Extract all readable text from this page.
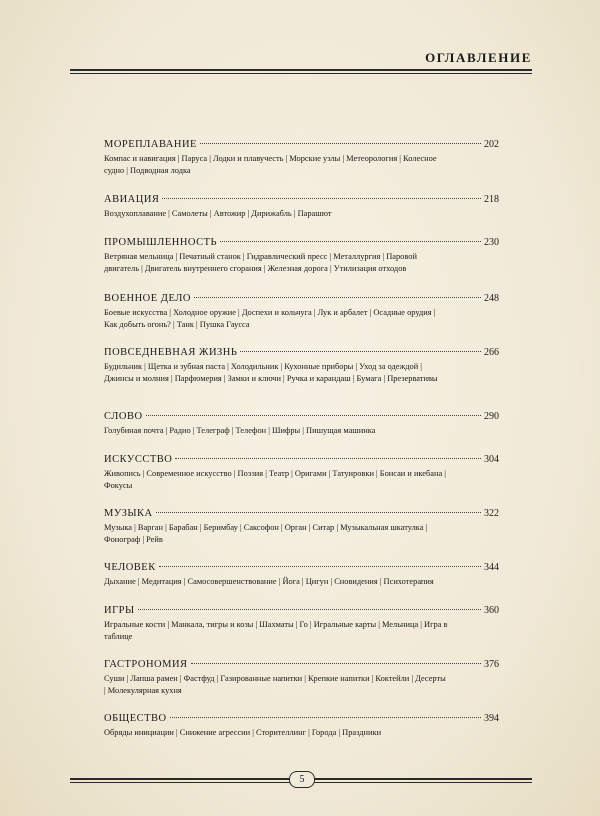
ОГЛАВЛЕНИЕ
МОРЕПЛАВАНИЕ	202
Компас и навигация | Паруса | Лодки и плавучесть | Морские узлы | Метеорология | Колесное судно | Подводная лодка
АВИАЦИЯ	218
Воздухоплавание | Самолеты | Автожир | Дирижабль | Парашют
ПРОМЫШЛЕННОСТЬ	230
Ветряная мельница | Печатный станок | Гидравлический пресс | Металлургия | Паровой двигатель | Двигатель внутреннего сгорания | Железная дорога | Утилизация отходов
ВОЕННОЕ ДЕЛО	248
Боевые искусства | Холодное оружие | Доспехи и кольчуга | Лук и арбалет | Осадные орудия | Как добыть огонь? | Танк | Пушка Гаусса
ПОВСЕДНЕВНАЯ ЖИЗНЬ	266
Будильник | Щетка и зубная паста | Холодильник | Кухонные приборы | Уход за одеждой | Джинсы и молния | Парфюмерия | Замки и ключи | Ручка и карандаш | Бумага | Презервативы
СЛОВО	290
Голубиная почта | Радио | Телеграф | Телефон | Шифры | Пишущая машинка
ИСКУССТВО	304
Живопись | Современное искусство | Поэзия | Театр | Оригами | Татуировки | Бонсаи и икебана | Фокусы
МУЗЫКА	322
Музыка | Варган | Барабан | Беримбау | Саксофон | Орган | Ситар | Музыкальная шкатулка | Фонограф | Рейв
ЧЕЛОВЕК	344
Дыхание | Медитация | Самосовершенствование | Йога | Цигун | Сновидения | Психотерапия
ИГРЫ	360
Игральные кости | Манкала, тигры и козы | Шахматы | Го | Игральные карты | Мельница | Игра в таблице
ГАСТРОНОМИЯ	376
Суши | Лапша рамен | Фастфуд | Газированные напитки | Крепкие напитки | Коктейли | Десерты | Молекулярная кухня
ОБЩЕСТВО	394
Обряды инициации | Снижение агрессии | Сторителлинг | Города | Праздники
5
